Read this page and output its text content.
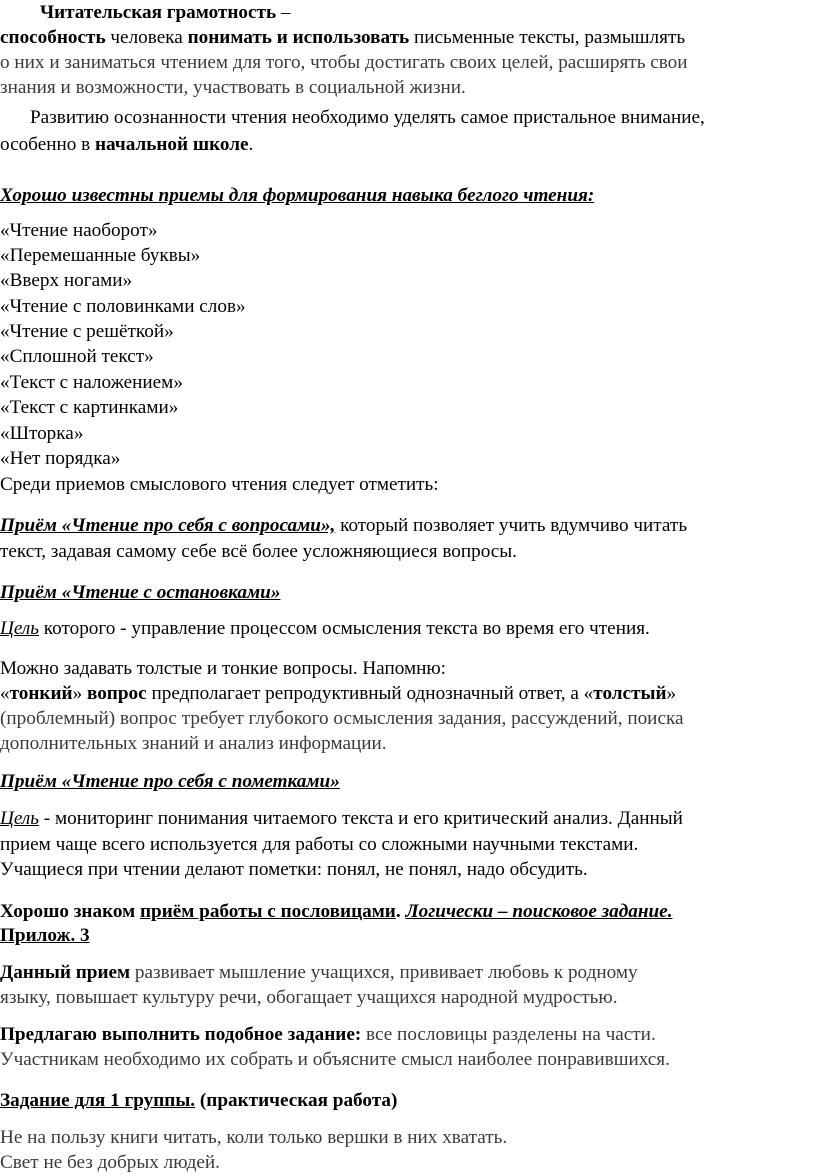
Читательская грамотность –
способность человека понимать и использовать письменные тексты, размышлять
о них и заниматься чтением для того, чтобы достигать своих целей, расширять свои
знания и возможности, участвовать в социальной жизни.
Развитию осознанности чтения необходимо уделять самое пристальное внимание,
особенно в начальной школе.
Хорошо известны приемы для формирования навыка беглого чтения:
«Чтение наоборот»
«Перемешанные буквы»
«Вверх ногами»
«Чтение с половинками слов»
«Чтение с решёткой»
«Сплошной текст»
«Текст с наложением»
«Текст с картинками»
«Шторка»
«Нет порядка»
Среди приемов смыслового чтения следует отметить:
Приём «Чтение про себя с вопросами», который позволяет учить вдумчиво читать
текст, задавая самому себе всё более усложняющиеся вопросы.
Приём «Чтение с остановками»
Цель которого - управление процессом осмысления текста во время его чтения.
Можно задавать толстые и тонкие вопросы. Напомню:
«тонкий» вопрос предполагает репродуктивный однозначный ответ, а «толстый»
(проблемный) вопрос требует глубокого осмысления задания, рассуждений, поиска
дополнительных знаний и анализ информации.
Приём «Чтение про себя с пометками»
Цель - мониторинг понимания читаемого текста и его критический анализ. Данный
прием чаще всего используется для работы со сложными научными текстами.
Учащиеся при чтении делают пометки: понял, не понял, надо обсудить.
Хорошо знаком приём работы с пословицами. Логически – поисковое задание.
Прилож. 3
Данный прием развивает мышление учащихся, прививает любовь к родному
языку, повышает культуру речи, обогащает учащихся народной мудростью.
Предлагаю выполнить подобное задание: все пословицы разделены на части.
Участникам необходимо их собрать и объясните смысл наиболее понравившихся.
Задание для 1 группы. (практическая работа)
Не на пользу книги читать, коли только вершки в них хватать.
Свет не без добрых людей.
